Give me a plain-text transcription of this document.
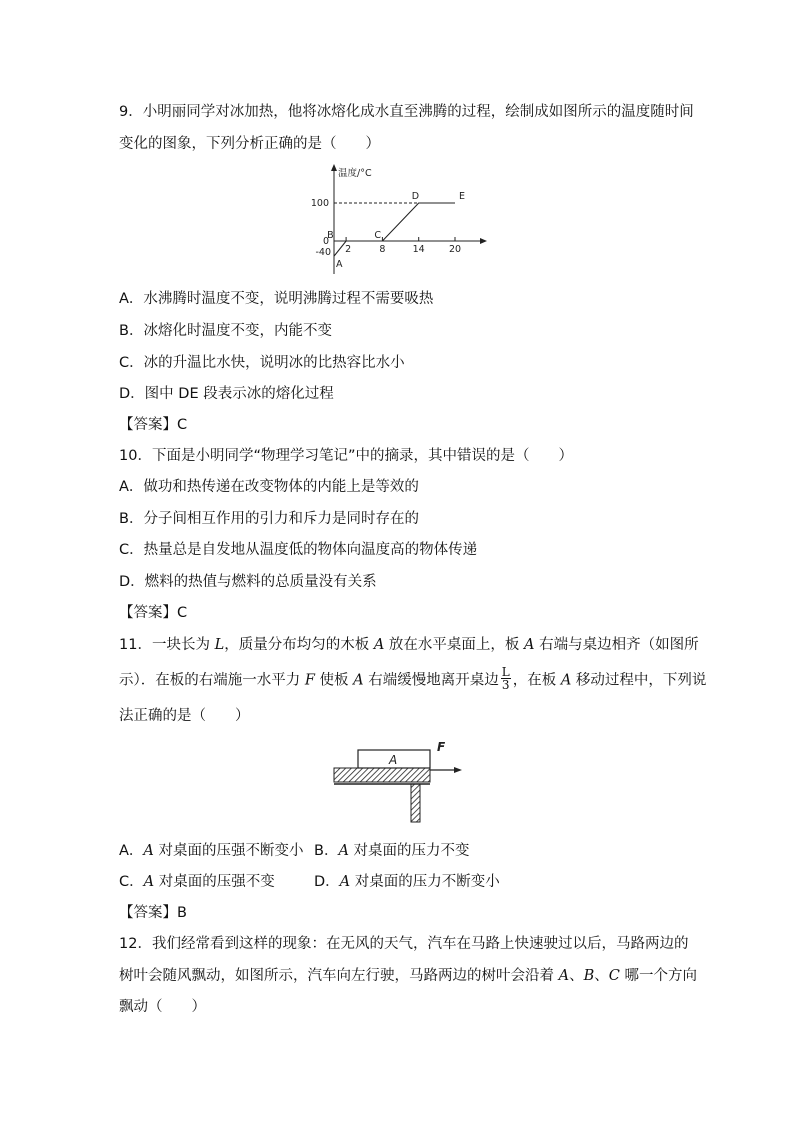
9．小明丽同学对冰加热，他将冰熔化成水直至沸腾的过程，绘制成如图所示的温度随时间
变化的图象，下列分析正确的是（　　）
温度/°C
100
0
-40 2	8	14	20
A
B	C
D	E
A．水沸腾时温度不变，说明沸腾过程不需要吸热
B．冰熔化时温度不变，内能不变
C．冰的升温比水快，说明冰的比热容比水小
D．图中 DE 段表示冰的熔化过程
【答案】C
10．下面是小明同学“物理学习笔记”中的摘录，其中错误的是（　　）
A．做功和热传递在改变物体的内能上是等效的
B．分子间相互作用的引力和斥力是同时存在的
C．热量总是自发地从温度低的物体向温度高的物体传递
D．燃料的热值与燃料的总质量没有关系
【答案】C
11．一块长为 L，质量分布均匀的木板 A 放在水平桌面上，板 A 右端与桌边相齐（如图所
示）．在板的右端施一水平力 F 使板 A 右端缓慢地离开桌边 $\frac{L}{3}$ ，在板 A 移动过程中，下列说
法正确的是（　　）
A
F
A．A 对桌面的压强不断变小 B．A 对桌面的压力不变
C．A 对桌面的压强不变	D．A 对桌面的压力不断变小
【答案】B
12．我们经常看到这样的现象：在无风的天气，汽车在马路上快速驶过以后，马路两边的
树叶会随风飘动，如图所示，汽车向左行驶，马路两边的树叶会沿着 A、B、C 哪一个方向
飘动（　　）
